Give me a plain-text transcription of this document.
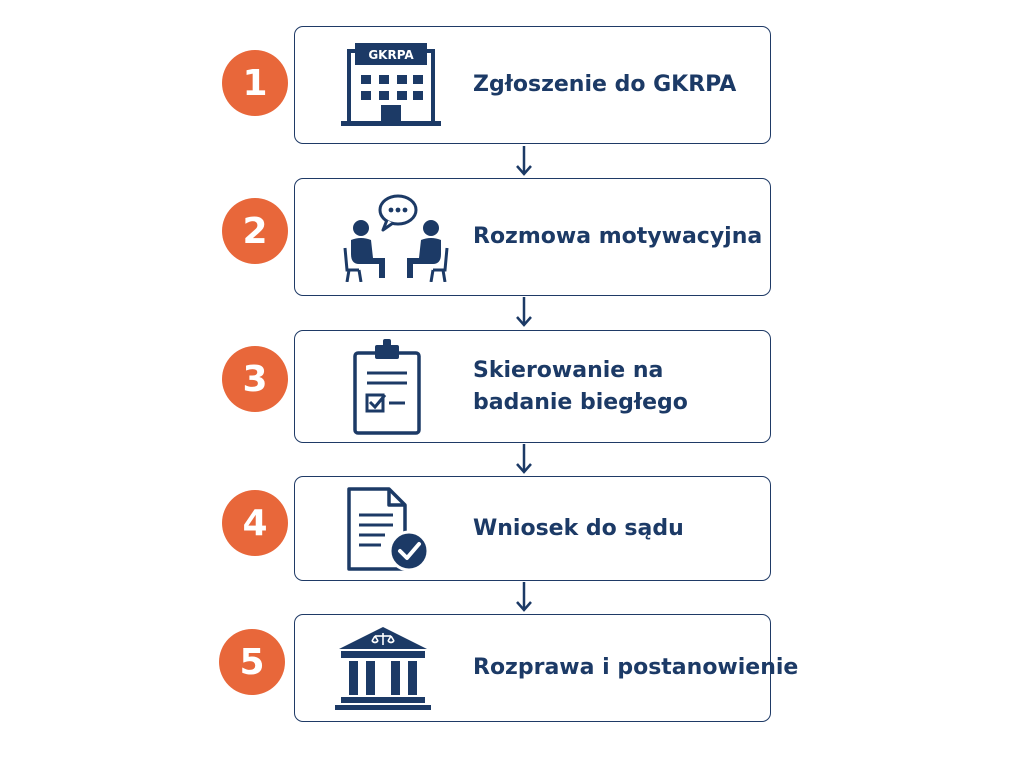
1
GKRPA
Zgłoszenie do GKRPA
2	Rozmowa motywacyjna
3	Skierowanie na
badanie biegłego
4	Wniosek do sądu
5	Rozprawa i postanowienie
